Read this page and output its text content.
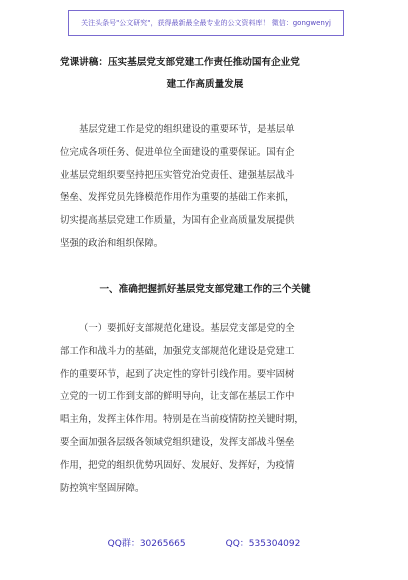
关注头条号"公文研究"，获得最新最全最专业的公文资料库！ 微信：gongwenyj
党课讲稿：压实基层党支部党建工作责任推动国有企业党
建工作高质量发展
基层党建工作是党的组织建设的重要环节，是基层单
位完成各项任务、促进单位全面建设的重要保证。国有企
业基层党组织要坚持把压实管党治党责任、建强基层战斗
堡垒、发挥党员先锋模范作用作为重要的基础工作来抓，
切实提高基层党建工作质量，为国有企业高质量发展提供
坚强的政治和组织保障。
一、准确把握抓好基层党支部党建工作的三个关键
（一）要抓好支部规范化建设。基层党支部是党的全
部工作和战斗力的基础，加强党支部规范化建设是党建工
作的重要环节，起到了决定性的穿针引线作用。要牢固树
立党的一切工作到支部的鲜明导向，让支部在基层工作中
唱主角，发挥主体作用。特别是在当前疫情防控关键时期，
要全面加强各层级各领域党组织建设，发挥支部战斗堡垒
作用，把党的组织优势巩固好、发展好、发挥好，为疫情
防控筑牢坚固屏障。
QQ群：30265665	QQ：535304092
